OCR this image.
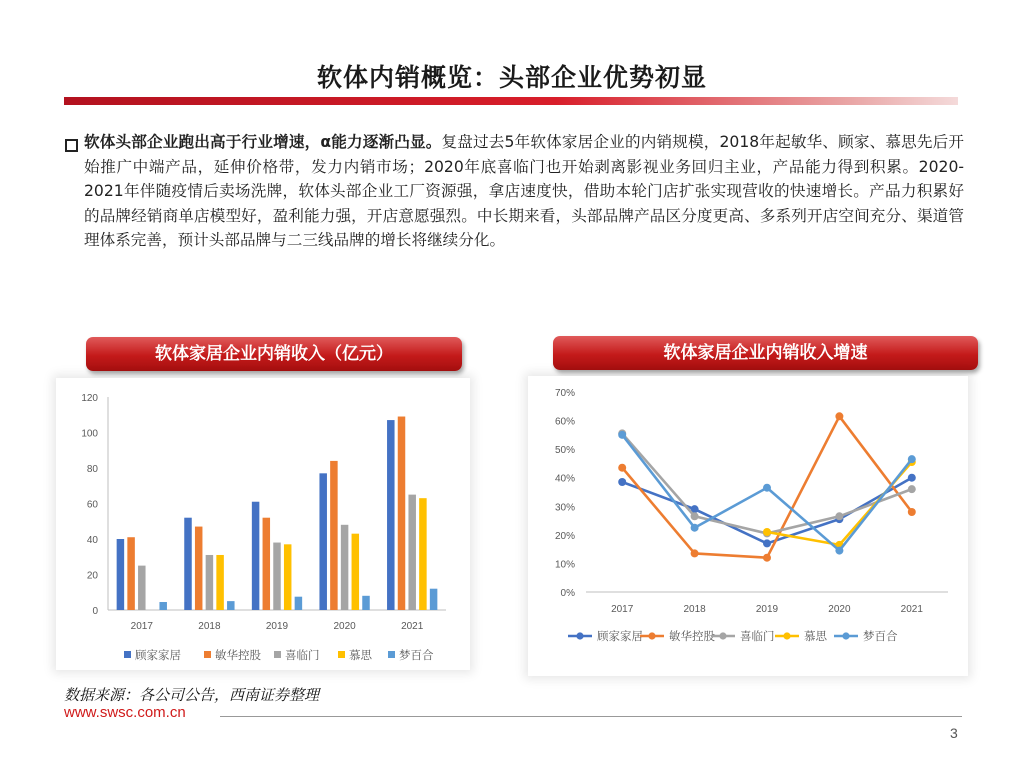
软体内销概览：头部企业优势初显
软体头部企业跑出高于行业增速，α能力逐渐凸显。复盘过去5年软体家居企业的内销规模，2018年起敏华、顾家、慕思先后开始推广中端产品，延伸价格带，发力内销市场；2020年底喜临门也开始剥离影视业务回归主业，产品能力得到积累。2020-2021年伴随疫情后卖场洗牌，软体头部企业工厂资源强，拿店速度快，借助本轮门店扩张实现营收的快速增长。产品力积累好的品牌经销商单店模型好，盈利能力强，开店意愿强烈。中长期来看，头部品牌产品区分度更高、多系列开店空间充分、渠道管理体系完善，预计头部品牌与二三线品牌的增长将继续分化。
软体家居企业内销收入（亿元）	软体家居企业内销收入增速
0
20
40
60
80
100
120
2017	2018	2019	2020	2021
顾家家居	敏华控股 喜临门	慕思 梦百合
0%
10%
20%
30%
40%
50%
60%
70%
2017	2018	2019	2020	2021
顾家家居 敏华控股 喜临门	慕思	梦百合
数据来源：各公司公告，西南证券整理
www.swsc.com.cn
3
